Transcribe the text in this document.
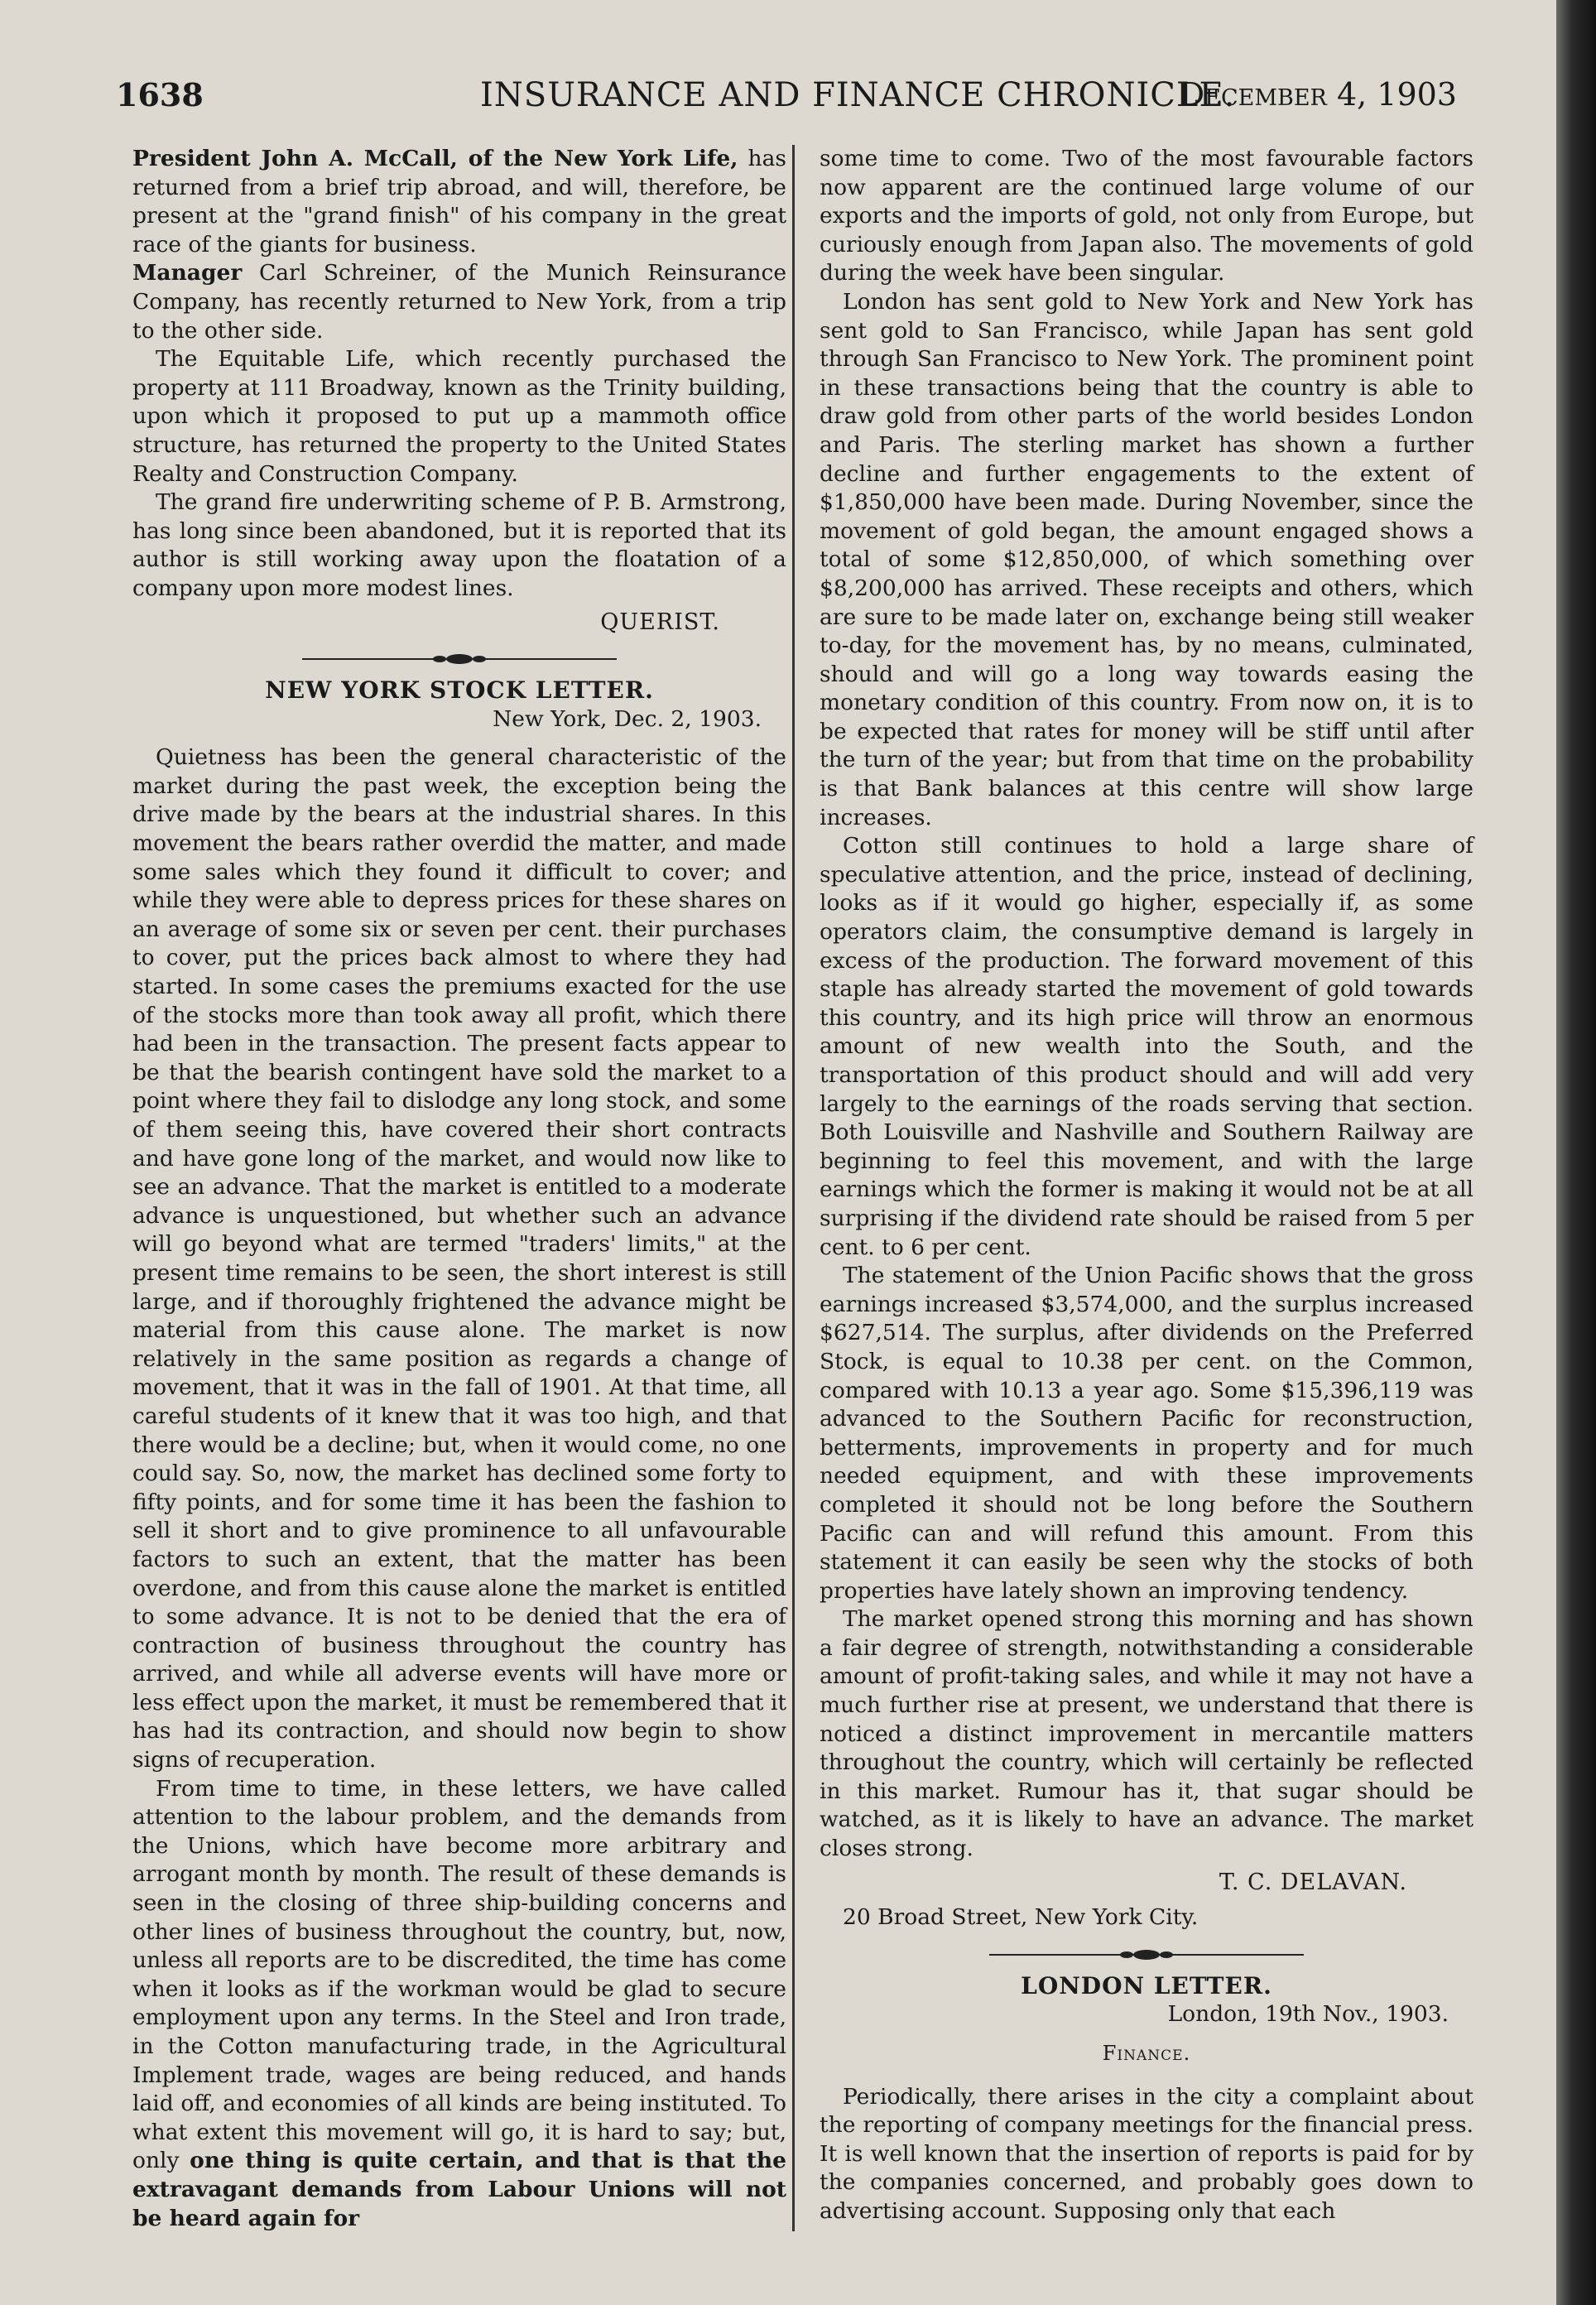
1638	INSURANCE AND FINANCE CHRONICLE.
December 4, 1903

President John A. McCall, of the New York Life, has returned from a brief trip abroad, and will, therefore, be present at the "grand finish" of his company in the great race of the giants for business.

Manager Carl Schreiner, of the Munich Reinsurance Company, has recently returned to New York, from a trip to the other side.

The Equitable Life, which recently purchased the property at 111 Broadway, known as the Trinity building, upon which it proposed to put up a mammoth office structure, has returned the property to the United States Realty and Construction Company.

The grand fire underwriting scheme of P. B. Armstrong, has long since been abandoned, but it is reported that its author is still working away upon the floatation of a company upon more modest lines.

QUERIST.
NEW YORK STOCK LETTER.
New York, Dec. 2, 1903.

Quietness has been the general characteristic of the market during the past week, the exception being the drive made by the bears at the industrial shares. In this movement the bears rather overdid the matter, and made some sales which they found it difficult to cover; and while they were able to depress prices for these shares on an average of some six or seven per cent. their purchases to cover, put the prices back almost to where they had started. In some cases the premiums exacted for the use of the stocks more than took away all profit, which there had been in the transaction. The present facts appear to be that the bearish contingent have sold the market to a point where they fail to dislodge any long stock, and some of them seeing this, have covered their short contracts and have gone long of the market, and would now like to see an advance. That the market is entitled to a moderate advance is unquestioned, but whether such an advance will go beyond what are termed "traders' limits," at the present time remains to be seen, the short interest is still large, and if thoroughly frightened the advance might be material from this cause alone. The market is now relatively in the same position as regards a change of movement, that it was in the fall of 1901. At that time, all careful students of it knew that it was too high, and that there would be a decline; but, when it would come, no one could say. So, now, the market has declined some forty to fifty points, and for some time it has been the fashion to sell it short and to give prominence to all unfavourable factors to such an extent, that the matter has been overdone, and from this cause alone the market is entitled to some advance. It is not to be denied that the era of contraction of business throughout the country has arrived, and while all adverse events will have more or less effect upon the market, it must be remembered that it has had its contraction, and should now begin to show signs of recuperation.

From time to time, in these letters, we have called attention to the labour problem, and the demands from the Unions, which have become more arbitrary and arrogant month by month. The result of these demands is seen in the closing of three ship-building concerns and other lines of business throughout the country, but, now, unless all reports are to be discredited, the time has come when it looks as if the workman would be glad to secure employment upon any terms. In the Steel and Iron trade, in the Cotton manufacturing trade, in the Agricultural Implement trade, wages are being reduced, and hands laid off, and economies of all kinds are being instituted. To what extent this movement will go, it is hard to say; but, only one thing is quite certain, and that is that the extravagant demands from Labour Unions will not be heard again for

some time to come. Two of the most favourable factors now apparent are the continued large volume of our exports and the imports of gold, not only from Europe, but curiously enough from Japan also. The movements of gold during the week have been singular.

London has sent gold to New York and New York has sent gold to San Francisco, while Japan has sent gold through San Francisco to New York. The prominent point in these transactions being that the country is able to draw gold from other parts of the world besides London and Paris. The sterling market has shown a further decline and further engagements to the extent of $1,850,000 have been made. During November, since the movement of gold began, the amount engaged shows a total of some $12,850,000, of which something over $8,200,000 has arrived. These receipts and others, which are sure to be made later on, exchange being still weaker to-day, for the movement has, by no means, culminated, should and will go a long way towards easing the monetary condition of this country. From now on, it is to be expected that rates for money will be stiff until after the turn of the year; but from that time on the probability is that Bank balances at this centre will show large increases.

Cotton still continues to hold a large share of speculative attention, and the price, instead of declining, looks as if it would go higher, especially if, as some operators claim, the consumptive demand is largely in excess of the production. The forward movement of this staple has already started the movement of gold towards this country, and its high price will throw an enormous amount of new wealth into the South, and the transportation of this product should and will add very largely to the earnings of the roads serving that section. Both Louisville and Nashville and Southern Railway are beginning to feel this movement, and with the large earnings which the former is making it would not be at all surprising if the dividend rate should be raised from 5 per cent. to 6 per cent.

The statement of the Union Pacific shows that the gross earnings increased $3,574,000, and the surplus increased $627,514. The surplus, after dividends on the Preferred Stock, is equal to 10.38 per cent. on the Common, compared with 10.13 a year ago. Some $15,396,119 was advanced to the Southern Pacific for reconstruction, betterments, improvements in property and for much needed equipment, and with these improvements completed it should not be long before the Southern Pacific can and will refund this amount. From this statement it can easily be seen why the stocks of both properties have lately shown an improving tendency.

The market opened strong this morning and has shown a fair degree of strength, notwithstanding a considerable amount of profit-taking sales, and while it may not have a much further rise at present, we understand that there is noticed a distinct improvement in mercantile matters throughout the country, which will certainly be reflected in this market. Rumour has it, that sugar should be watched, as it is likely to have an advance. The market closes strong.

T. C. DELAVAN.

20 Broad Street, New York City.

LONDON LETTER.
London, 19th Nov., 1903.
Finance.

Periodically, there arises in the city a complaint about the reporting of company meetings for the financial press. It is well known that the insertion of reports is paid for by the companies concerned, and probably goes down to advertising account. Supposing only that each
